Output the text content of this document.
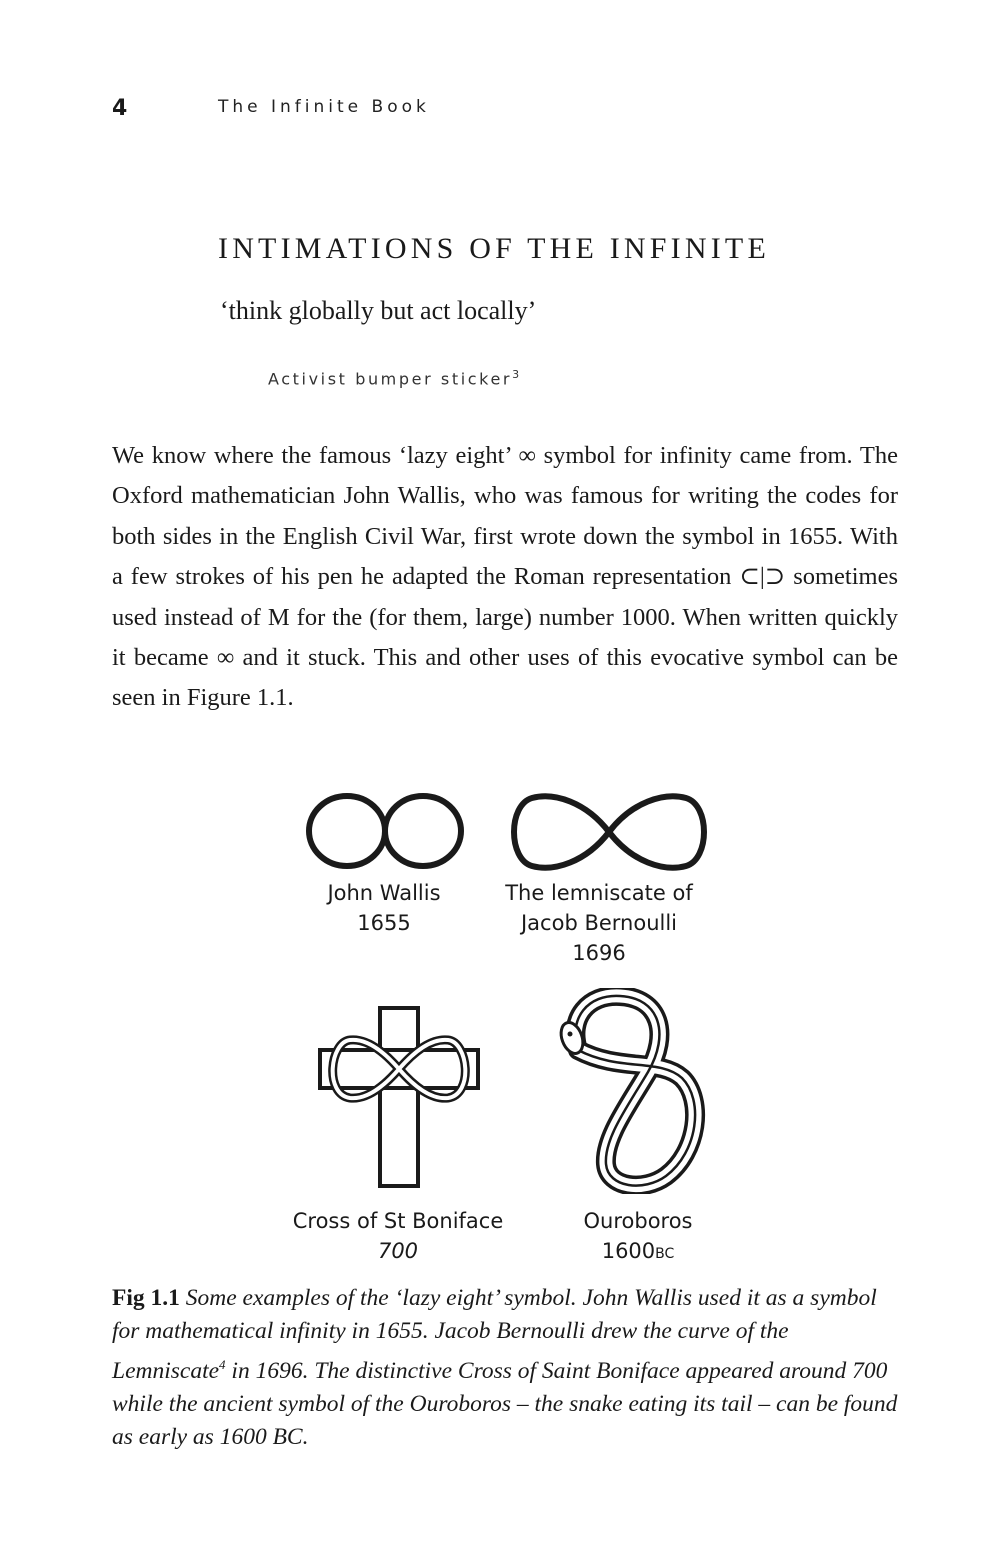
4	The Infinite Book
INTIMATIONS OF THE INFINITE
‘think globally but act locally’
Activist bumper sticker$^3$

We know where the famous ‘lazy eight’ ∞ symbol for infinity came from. The Oxford mathematician John Wallis, who was famous for writing the codes for both sides in the English Civil War, first wrote down the symbol in 1655. With a few strokes of his pen he adapted the Roman representation ⊂|⊃ sometimes used instead of M for the (for them, large) number 1000. When written quickly it became ∞ and it stuck. This and other uses of this evocative symbol can be seen in Figure 1.1.

John Wallis
1655
The lemniscate of
Jacob Bernoulli
1696
Cross of St Boniface
700
Ouroboros
1600BC

Fig 1.1 Some examples of the ‘lazy eight’ symbol. John Wallis used it as a symbol for mathematical infinity in 1655. Jacob Bernoulli drew the curve of the Lemniscate$^4$ in 1696. The distinctive Cross of Saint Boniface appeared around 700 while the ancient symbol of the Ouroboros – the snake eating its tail – can be found as early as 1600 BC.
